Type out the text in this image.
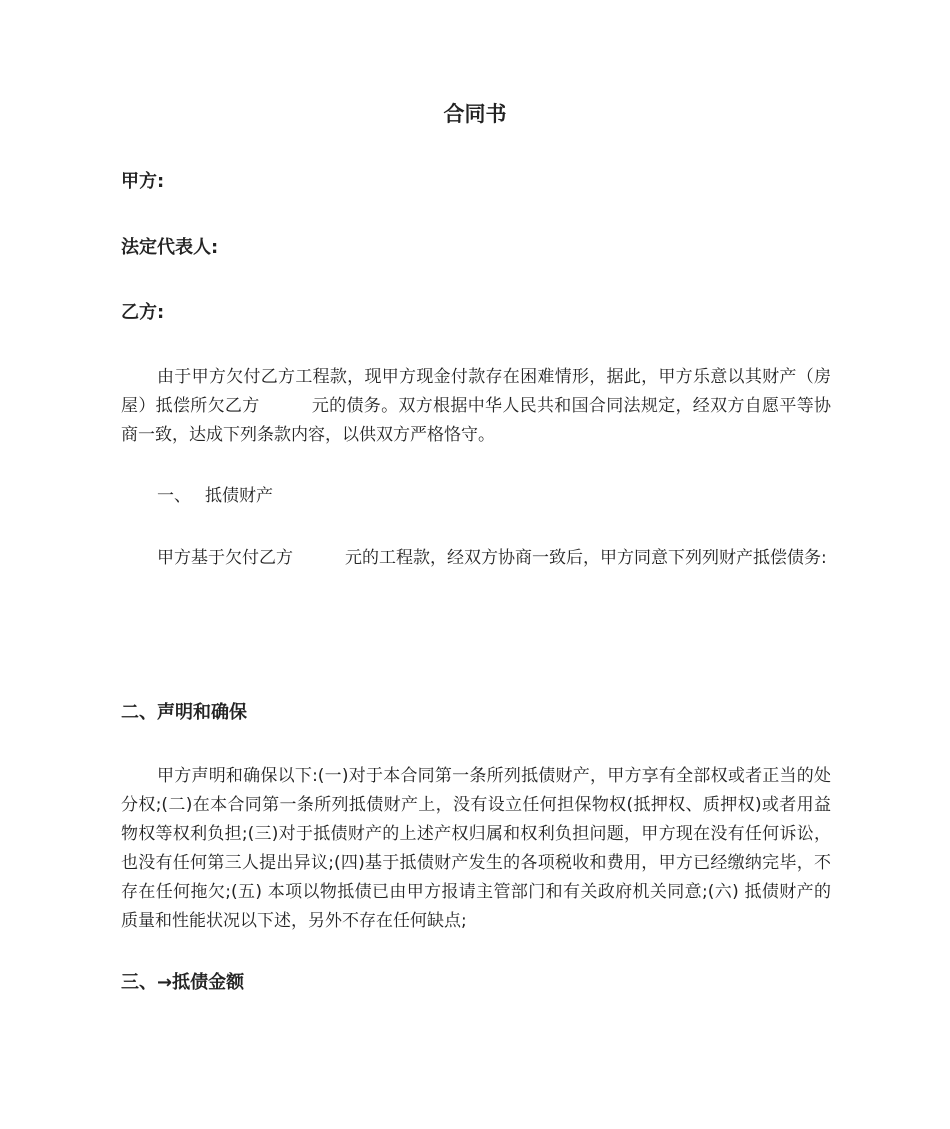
合同书

甲方:

法定代表人:

乙方:

由于甲方欠付乙方工程款，现甲方现金付款存在困难情形，据此，甲方乐意以其财产（房屋）抵偿所欠乙方	元的债务。双方根据中华人民共和国合同法规定，经双方自愿平等协商一致，达成下列条款内容，以供双方严格恪守。

一、 抵债财产

甲方基于欠付乙方	元的工程款，经双方协商一致后，甲方同意下列列财产抵偿债务:

二、声明和确保

甲方声明和确保以下:(一)对于本合同第一条所列抵债财产，甲方享有全部权或者正当的处分权;(二)在本合同第一条所列抵债财产上，没有设立任何担保物权(抵押权、质押权)或者用益物权等权利负担;(三)对于抵债财产的上述产权归属和权利负担问题，甲方现在没有任何诉讼，也没有任何第三人提出异议;(四)基于抵债财产发生的各项税收和费用，甲方已经缴纳完毕，不存在任何拖欠;(五) 本项以物抵债已由甲方报请主管部门和有关政府机关同意;(六) 抵债财产的质量和性能状况以下述，另外不存在任何缺点;

三、→抵债金额
